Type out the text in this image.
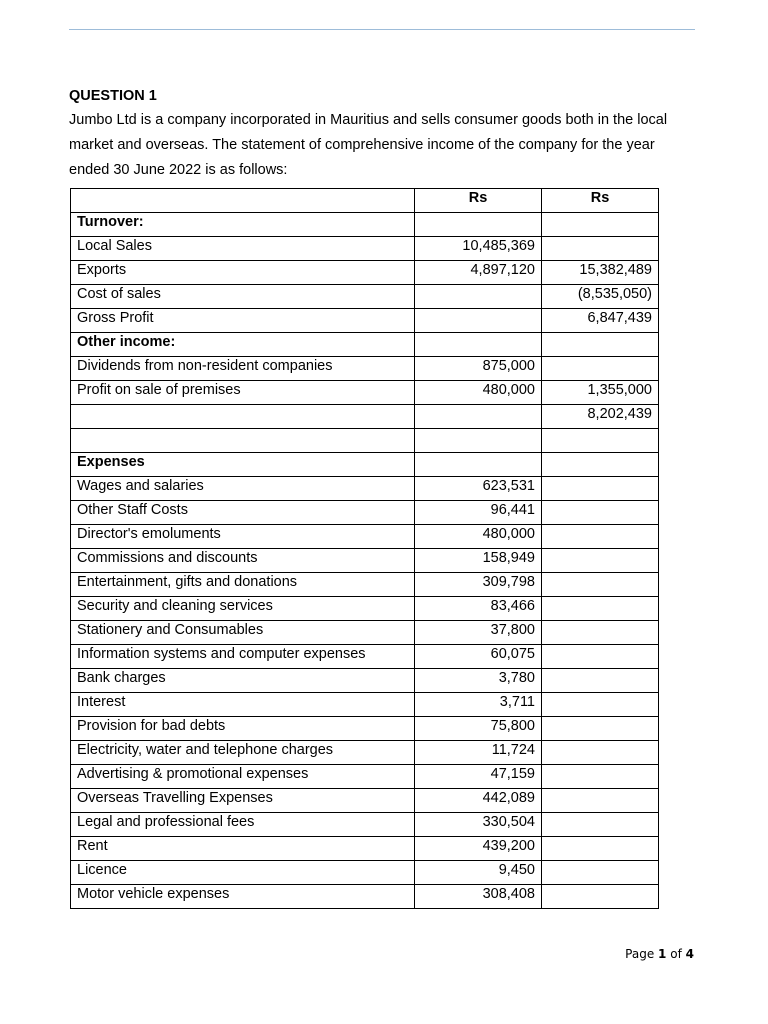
QUESTION 1

Jumbo Ltd is a company incorporated in Mauritius and sells consumer goods both in the local market and overseas. The statement of comprehensive income of the company for the year ended 30 June 2022 is as follows:

	Rs	Rs
Turnover:		
Local Sales	10,485,369	
Exports	4,897,120	15,382,489
Cost of sales		(8,535,050)
Gross Profit		6,847,439
Other income:		
Dividends from non-resident companies	875,000	
Profit on sale of premises	480,000	1,355,000
		8,202,439

Expenses		
Wages and salaries	623,531	
Other Staff Costs	96,441	
Director's emoluments	480,000	
Commissions and discounts	158,949	
Entertainment, gifts and donations	309,798	
Security and cleaning services	83,466	
Stationery and Consumables	37,800	
Information systems and computer expenses	60,075	
Bank charges	3,780	
Interest	3,711	
Provision for bad debts	75,800	
Electricity, water and telephone charges	11,724	
Advertising & promotional expenses	47,159	
Overseas Travelling Expenses	442,089	
Legal and professional fees	330,504	
Rent	439,200	
Licence	9,450	
Motor vehicle expenses	308,408	
Page 1 of 4
